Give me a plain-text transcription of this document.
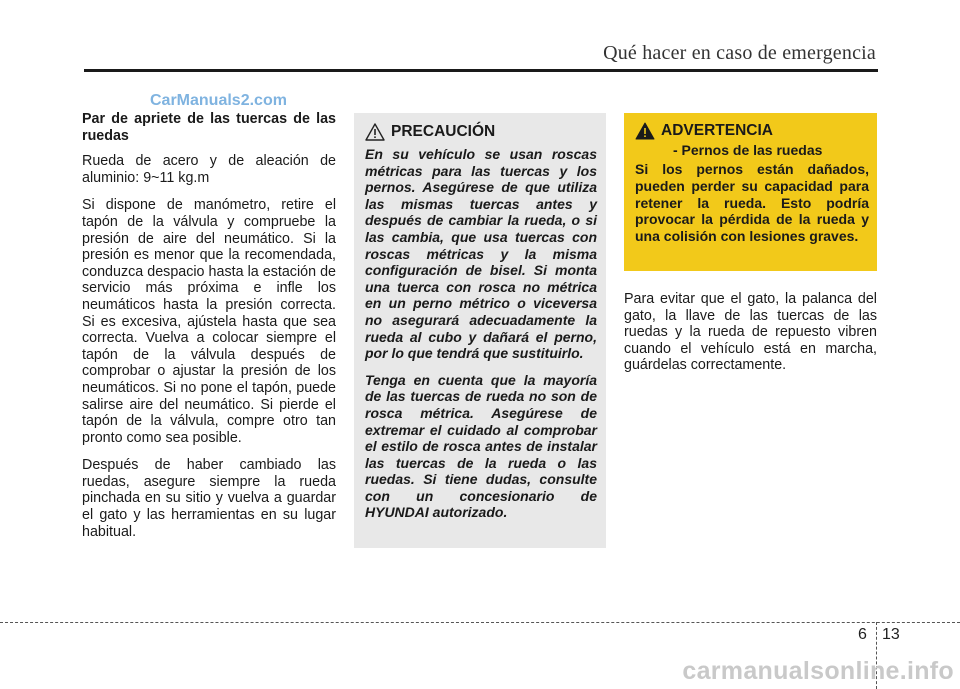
Qué hacer en caso de emergencia
CarManuals2.com

Par de apriete de las tuercas de las ruedas

Rueda de acero y de aleación de aluminio: 9~11 kg.m

Si dispone de manómetro, retire el tapón de la válvula y compruebe la presión de aire del neumático. Si la presión es menor que la recomendada, conduzca despacio hasta la estación de servicio más próxima e infle los neumáticos hasta la presión correcta. Si es excesiva, ajústela hasta que sea correcta. Vuelva a colocar siempre el tapón de la válvula después de comprobar o ajustar la presión de los neumáticos. Si no pone el tapón, puede salirse aire del neumático. Si pierde el tapón de la válvula, compre otro tan pronto como sea posible.

Después de haber cambiado las ruedas, asegure siempre la rueda pinchada en su sitio y vuelva a guardar el gato y las herramientas en su lugar habitual.

PRECAUCIÓN

En su vehículo se usan roscas métricas para las tuercas y los pernos. Asegúrese de que utiliza las mismas tuercas antes y después de cambiar la rueda, o si las cambia, que usa tuercas con roscas métricas y la misma configuración de bisel. Si monta una tuerca con rosca no métrica en un perno métrico o viceversa no asegurará adecuadamente la rueda al cubo y dañará el perno, por lo que tendrá que sustituirlo.

Tenga en cuenta que la mayoría de las tuercas de rueda no son de rosca métrica. Asegúrese de extremar el cuidado al comprobar el estilo de rosca antes de instalar las tuercas de la rueda o las ruedas. Si tiene dudas, consulte con un concesionario de HYUNDAI autorizado.

ADVERTENCIA
- Pernos de las ruedas

Si los pernos están dañados, pueden perder su capacidad para retener la rueda. Esto podría provocar la pérdida de la rueda y una colisión con lesiones graves.

Para evitar que el gato, la palanca del gato, la llave de las tuercas de las ruedas y la rueda de repuesto vibren cuando el vehículo está en marcha, guárdelas correctamente.

6 13
carmanualsonline.info
